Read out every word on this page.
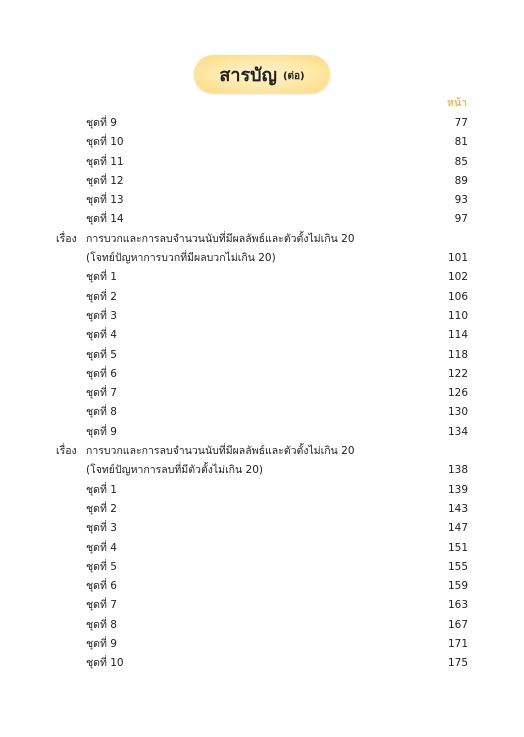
สารบัญ (ต่อ)
หน้า
ชุดที่ 9	77
ชุดที่ 10	81
ชุดที่ 11	85
ชุดที่ 12	89
ชุดที่ 13	93
ชุดที่ 14	97
เรื่อง การบวกและการลบจำนวนนับที่มีผลลัพธ์และตัวตั้งไม่เกิน 20
(โจทย์ปัญหาการบวกที่มีผลบวกไม่เกิน 20)	101
ชุดที่ 1	102
ชุดที่ 2	106
ชุดที่ 3	110
ชุดที่ 4	114
ชุดที่ 5	118
ชุดที่ 6	122
ชุดที่ 7	126
ชุดที่ 8	130
ชุดที่ 9	134
เรื่อง การบวกและการลบจำนวนนับที่มีผลลัพธ์และตัวตั้งไม่เกิน 20
(โจทย์ปัญหาการลบที่มีตัวตั้งไม่เกิน 20)	138
ชุดที่ 1	139
ชุดที่ 2	143
ชุดที่ 3	147
ชุดที่ 4	151
ชุดที่ 5	155
ชุดที่ 6	159
ชุดที่ 7	163
ชุดที่ 8	167
ชุดที่ 9	171
ชุดที่ 10	175
